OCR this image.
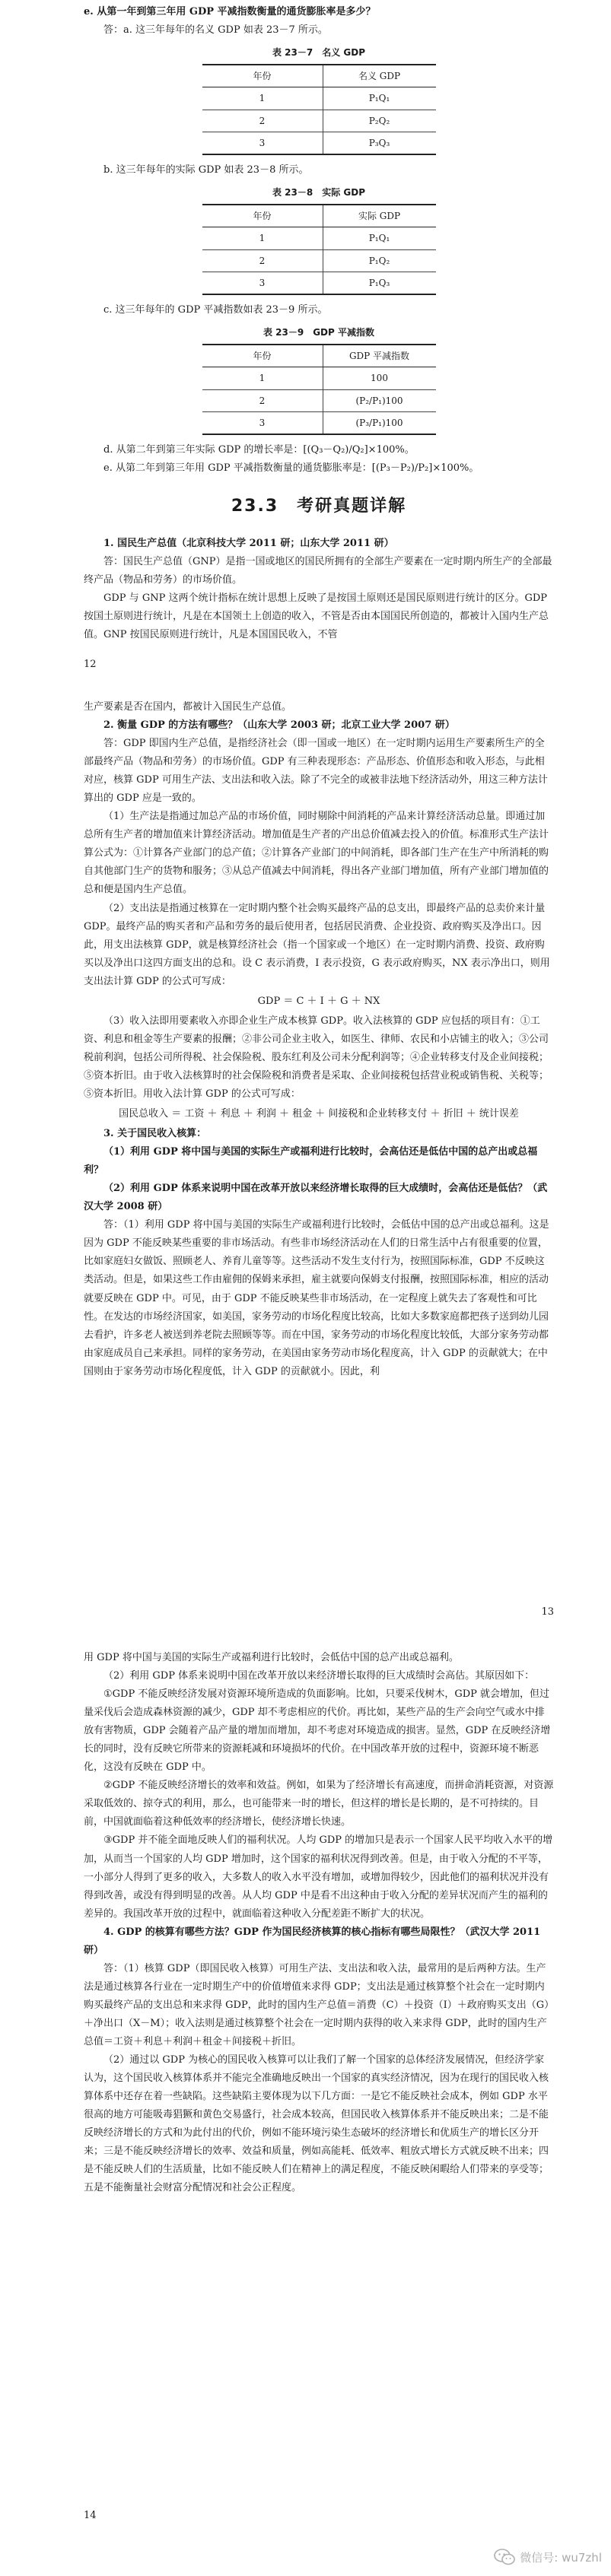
e. 从第一年到第三年用 GDP 平减指数衡量的通货膨胀率是多少？

答：a. 这三年每年的名义 GDP 如表 23－7 所示。

表 23－7　名义 GDP
年份	名义 GDP
1	P₁Q₁
2	P₂Q₂
3	P₃Q₃

b. 这三年每年的实际 GDP 如表 23－8 所示。

表 23－8　实际 GDP
年份	实际 GDP
1	P₁Q₁
2	P₁Q₂
3	P₁Q₃

c. 这三年每年的 GDP 平减指数如表 23－9 所示。

表 23－9　GDP 平减指数
年份	GDP 平减指数
1	100
2	(P₂/P₁)100
3	(P₃/P₁)100

d. 从第二年到第三年实际 GDP 的增长率是：[(Q₃－Q₂)/Q₂]×100%。

e. 从第二年到第三年用 GDP 平减指数衡量的通货膨胀率是：[(P₃－P₂)/P₂]×100%。

23.3　考研真题详解

1. 国民生产总值（北京科技大学 2011 研；山东大学 2011 研）

答：国民生产总值（GNP）是指一国或地区的国民所拥有的全部生产要素在一定时期内所生产的全部最终产品（物品和劳务）的市场价值。

GDP 与 GNP 这两个统计指标在统计思想上反映了是按国土原则还是国民原则进行统计的区分。GDP 按国土原则进行统计，凡是在本国领土上创造的收入，不管是否由本国国民所创造的，都被计入国内生产总值。GNP 按国民原则进行统计，凡是本国国民收入，不管

12

生产要素是否在国内，都被计入国民生产总值。

2. 衡量 GDP 的方法有哪些？（山东大学 2003 研；北京工业大学 2007 研）

答：GDP 即国内生产总值，是指经济社会（即一国或一地区）在一定时期内运用生产要素所生产的全部最终产品（物品和劳务）的市场价值。GDP 有三种表现形态：产品形态、价值形态和收入形态，与此相对应，核算 GDP 可用生产法、支出法和收入法。除了不完全的或被非法地下经济活动外，用这三种方法计算出的 GDP 应是一致的。

（1）生产法是指通过加总产品的市场价值，同时剔除中间消耗的产品来计算经济活动总量。即通过加总所有生产者的增加值来计算经济活动。增加值是生产者的产出总价值减去投入的价值。标准形式生产法计算公式为：①计算各产业部门的总产值；②计算各产业部门的中间消耗，即各部门生产在生产中所消耗的购自其他部门生产的货物和服务；③从总产值减去中间消耗，得出各产业部门增加值，所有产业部门增加值的总和便是国内生产总值。

（2）支出法是指通过核算在一定时期内整个社会购买最终产品的总支出，即最终产品的总卖价来计量 GDP。最终产品的购买者和产品和劳务的最后使用者，包括居民消费、企业投资、政府购买及净出口。因此，用支出法核算 GDP，就是核算经济社会（指一个国家或一个地区）在一定时期内消费、投资、政府购买以及净出口这四方面支出的总和。设 C 表示消费，I 表示投资，G 表示政府购买，NX 表示净出口，则用支出法计算 GDP 的公式可写成：

GDP ＝ C ＋ I ＋ G ＋ NX

（3）收入法即用要素收入亦即企业生产成本核算 GDP。收入法核算的 GDP 应包括的项目有：①工资、利息和租金等生产要素的报酬；②非公司企业主收入，如医生、律师、农民和小店铺主的收入；③公司税前利润，包括公司所得税、社会保险税、股东红利及公司未分配利润等；④企业转移支付及企业间接税；⑤资本折旧。由于收入法核算时的社会保险税和消费者是采取、企业间接税包括营业税或销售税、关税等；⑤资本折旧。用收入法计算 GDP 的公式可写成：

国民总收入 ＝ 工资 ＋ 利息 ＋ 利润 ＋ 租金 ＋ 间接税和企业转移支付 ＋ 折旧 ＋ 统计误差

3. 关于国民收入核算：

（1）利用 GDP 将中国与美国的实际生产或福利进行比较时，会高估还是低估中国的总产出或总福利？

（2）利用 GDP 体系来说明中国在改革开放以来经济增长取得的巨大成绩时，会高估还是低估？（武汉大学 2008 研）

答：（1）利用 GDP 将中国与美国的实际生产或福利进行比较时，会低估中国的总产出或总福利。这是因为 GDP 不能反映某些重要的非市场活动。有些非市场经济活动在人们的日常生活中占有很重要的位置，比如家庭妇女做饭、照顾老人、养育儿童等等。这些活动不发生支付行为，按照国际标准，GDP 不反映这类活动。但是，如果这些工作由雇佣的保姆来承担，雇主就要向保姆支付报酬，按照国际标准，相应的活动就要反映在 GDP 中。可见，由于 GDP 不能反映某些非市场活动，在一定程度上就失去了客观性和可比性。在发达的市场经济国家，如美国，家务劳动的市场化程度比较高，比如大多数家庭都把孩子送到幼儿园去看护，许多老人被送到养老院去照顾等等。而在中国，家务劳动的市场化程度比较低，大部分家务劳动都由家庭成员自己来承担。同样的家务劳动，在美国由家务劳动市场化程度高，计入 GDP 的贡献就大；在中国则由于家务劳动市场化程度低，计入 GDP 的贡献就小。因此，利

13

用 GDP 将中国与美国的实际生产或福利进行比较时，会低估中国的总产出或总福利。

（2）利用 GDP 体系来说明中国在改革开放以来经济增长取得的巨大成绩时会高估。其原因如下：

①GDP 不能反映经济发展对资源环境所造成的负面影响。比如，只要采伐树木，GDP 就会增加，但过量采伐后会造成森林资源的减少，GDP 却不考虑相应的代价。再比如，某些产品的生产会向空气或水中排放有害物质，GDP 会随着产品产量的增加而增加，却不考虑对环境造成的损害。显然，GDP 在反映经济增长的同时，没有反映它所带来的资源耗减和环境损坏的代价。在中国改革开放的过程中，资源环境不断恶化，这没有反映在 GDP 中。

②GDP 不能反映经济增长的效率和效益。例如，如果为了经济增长有高速度，而拼命消耗资源，对资源采取低效的、掠夺式的利用，那么，也可能带来一时的增长，但这样的增长是长期的，是不可持续的。目前，中国就面临着这种低效率的经济增长，使经济增长快速。

③GDP 并不能全面地反映人们的福利状况。人均 GDP 的增加只是表示一个国家人民平均收入水平的增加，从而当一个国家的人均 GDP 增加时，这个国家的福利状况得到改善。但是，由于收入分配的不平等，一小部分人得到了更多的收入，大多数人的收入水平没有增加，或增加得较少，因此他们的福利状况并没有得到改善，或没有得到明显的改善。从人均 GDP 中是看不出这种由于收入分配的差异状况而产生的福利的差异的。我国改革开放的过程中，就面临着这种收入分配差距不断扩大的状况。

4. GDP 的核算有哪些方法？GDP 作为国民经济核算的核心指标有哪些局限性？（武汉大学 2011 研）

答：（1）核算 GDP（即国民收入核算）可用生产法、支出法和收入法，最常用的是后两种方法。生产法是通过核算各行业在一定时期生产中的价值增值来求得 GDP；支出法是通过核算整个社会在一定时期内购买最终产品的支出总和来求得 GDP，此时的国内生产总值＝消费（C）＋投资（I）＋政府购买支出（G）＋净出口（X－M）；收入法则是通过核算整个社会在一定时期内获得的收入来求得 GDP，此时的国内生产总值＝工资＋利息＋利润＋租金＋间接税＋折旧。

（2）通过以 GDP 为核心的国民收入核算可以让我们了解一个国家的总体经济发展情况，但经济学家认为，这个国民收入核算体系并不能完全准确地反映出一个国家的真实经济情况，因为在现行的国民收入核算体系中还存在着一些缺陷。这些缺陷主要体现为以下几方面：一是它不能反映社会成本，例如 GDP 水平很高的地方可能吸毒猖獗和黄色交易盛行，社会成本较高，但国民收入核算体系并不能反映出来；二是不能反映经济增长的方式和为此付出的代价，例如不能环境污染生态破坏的经济增长和优质生产的增长区分开来；三是不能反映经济增长的效率、效益和质量，例如高能耗、低效率、粗放式增长方式就反映不出来；四是不能反映人们的生活质量，比如不能反映人们在精神上的满足程度，不能反映闲暇给人们带来的享受等；五是不能衡量社会财富分配情况和社会公正程度。

14
微信号: wu7zhl
